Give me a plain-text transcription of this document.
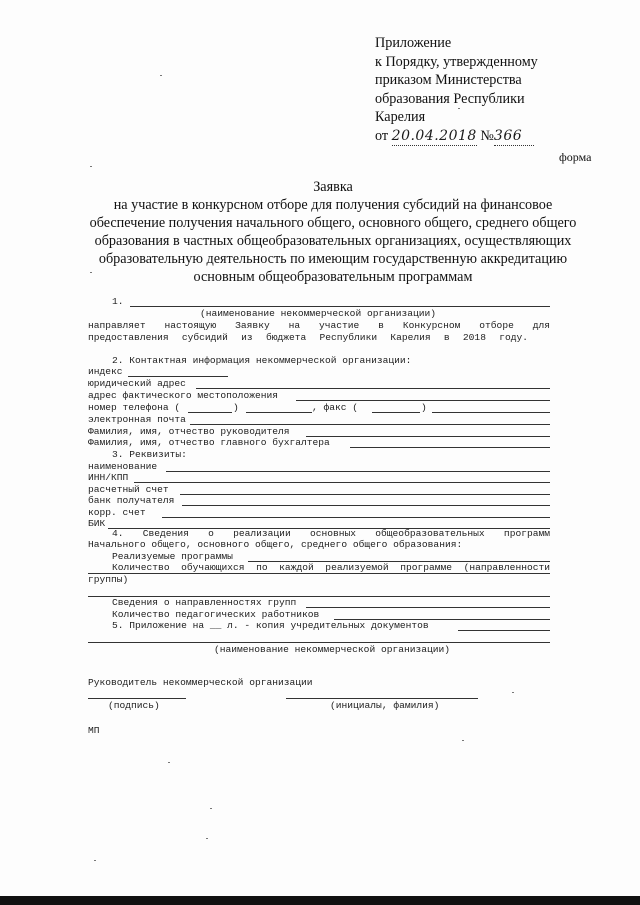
Приложение
к Порядку, утвержденному
приказом Министерства
образования Республики
Карелия
от 20.04.2018 №366
форма

Заявка

на участие в конкурсном отборе для получения субсидий на финансовое обеспечение получения начального общего, основного общего, среднего общего образования в частных общеобразовательных организациях, осуществляющих образовательную деятельность по имеющим государственную аккредитацию основным общеобразовательным программам

1.
(наименование некоммерческой организации)
направляет настоящую Заявку на участие в Конкурсном отборе для
предоставления субсидий из бюджета Республики Карелия в 2018 году.
2. Контактная информация некоммерческой организации:
индекс
юридический адрес
адрес фактического местоположения
номер телефона (	)	, факс (	)
электронная почта
Фамилия, имя, отчество руководителя
Фамилия, имя, отчество главного бухгалтера
3. Реквизиты:
наименование
ИНН/КПП
расчетный счет
банк получателя
корр. счет
БИК
4. Сведения о реализации основных общеобразовательных программ
Начального общего, основного общего, среднего общего образования:
Реализуемые программы
Количество обучающихся по каждой реализуемой программе (направленности
группы)
Сведения о направленностях групп
Количество педагогических работников
5. Приложение на __ л. - копия учредительных документов
(наименование некоммерческой организации)
Руководитель некоммерческой организации
(подпись)	(инициалы, фамилия)
МП
